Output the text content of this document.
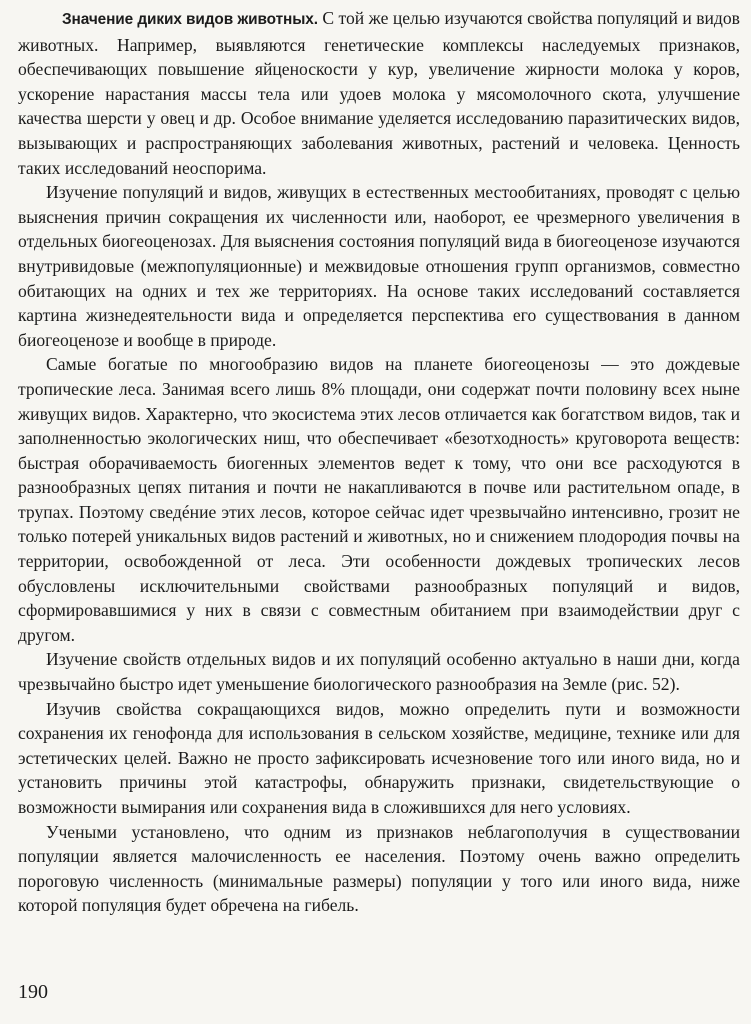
Значение диких видов животных. С той же целью изучаются свойства популяций и видов животных. Например, выявляются генетические комплексы наследуемых признаков, обеспечивающих повышение яйценоскости у кур, увеличение жирности молока у коров, ускорение нарастания массы тела или удоев молока у мясомолочного скота, улучшение качества шерсти у овец и др. Особое внимание уделяется исследованию паразитических видов, вызывающих и распространяющих заболевания животных, растений и человека. Ценность таких исследований неоспорима.

Изучение популяций и видов, живущих в естественных местообитаниях, проводят с целью выяснения причин сокращения их численности или, наоборот, ее чрезмерного увеличения в отдельных биогеоценозах. Для выяснения состояния популяций вида в биогеоценозе изучаются внутривидовые (межпопуляционные) и межвидовые отношения групп организмов, совместно обитающих на одних и тех же территориях. На основе таких исследований составляется картина жизнедеятельности вида и определяется перспектива его существования в данном биогеоценозе и вообще в природе.

Самые богатые по многообразию видов на планете биогеоценозы — это дождевые тропические леса. Занимая всего лишь 8% площади, они содержат почти половину всех ныне живущих видов. Характерно, что экосистема этих лесов отличается как богатством видов, так и заполненностью экологических ниш, что обеспечивает «безотходность» круговорота веществ: быстрая оборачиваемость биогенных элементов ведет к тому, что они все расходуются в разнообразных цепях питания и почти не накапливаются в почве или растительном опаде, в трупах. Поэтому сведéние этих лесов, которое сейчас идет чрезвычайно интенсивно, грозит не только потерей уникальных видов растений и животных, но и снижением плодородия почвы на территории, освобожденной от леса. Эти особенности дождевых тропических лесов обусловлены исключительными свойствами разнообразных популяций и видов, сформировавшимися у них в связи с совместным обитанием при взаимодействии друг с другом.

Изучение свойств отдельных видов и их популяций особенно актуально в наши дни, когда чрезвычайно быстро идет уменьшение биологического разнообразия на Земле (рис. 52).

Изучив свойства сокращающихся видов, можно определить пути и возможности сохранения их генофонда для использования в сельском хозяйстве, медицине, технике или для эстетических целей. Важно не просто зафиксировать исчезновение того или иного вида, но и установить причины этой катастрофы, обнаружить признаки, свидетельствующие о возможности вымирания или сохранения вида в сложившихся для него условиях.

Учеными установлено, что одним из признаков неблагополучия в существовании популяции является малочисленность ее населения. Поэтому очень важно определить пороговую численность (минимальные размеры) популяции у того или иного вида, ниже которой популяция будет обречена на гибель.

190
